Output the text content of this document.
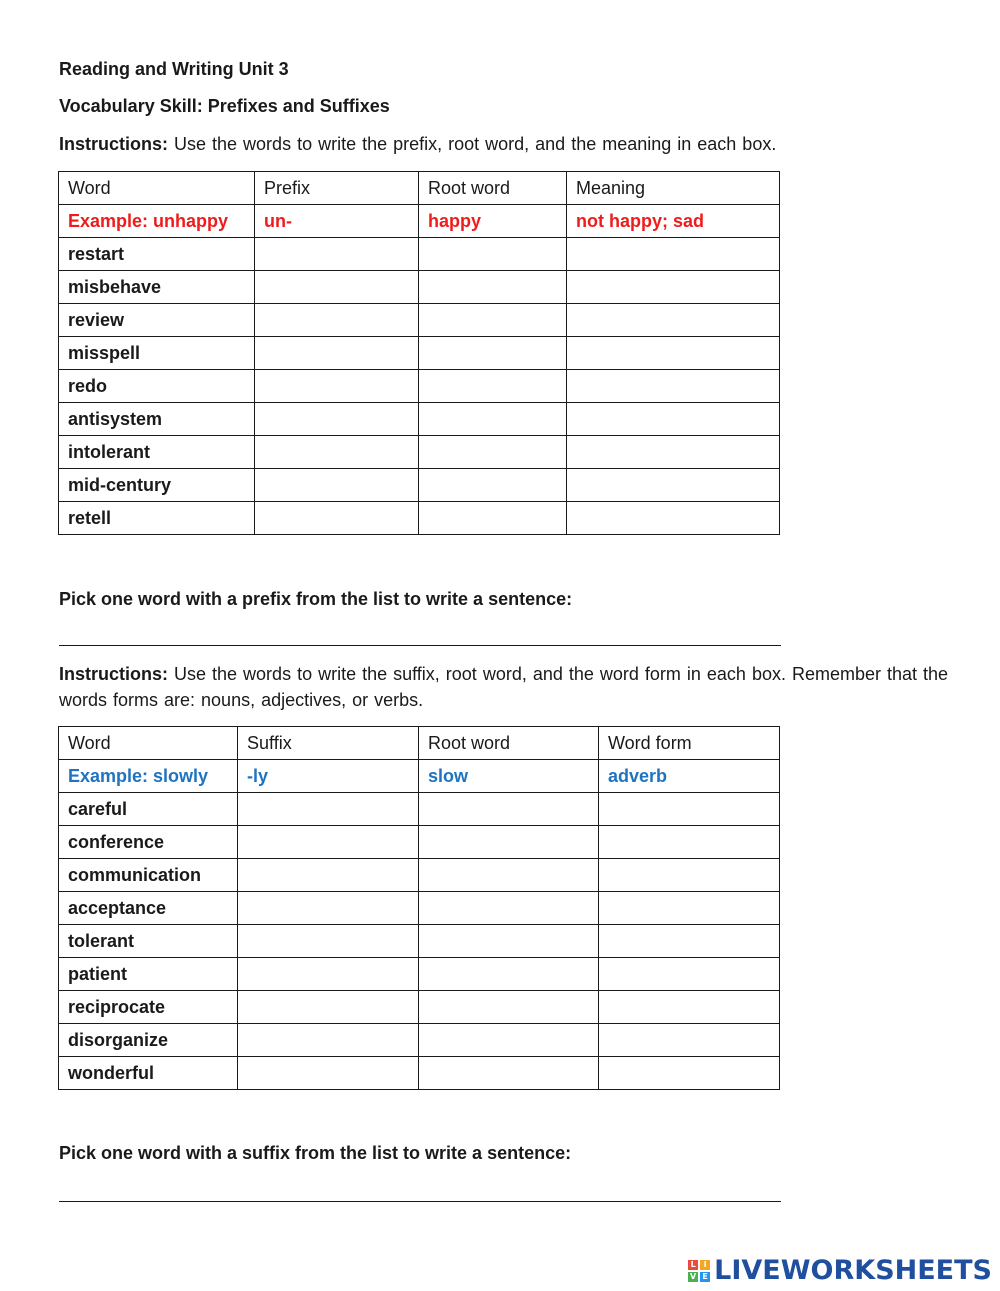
Reading and Writing Unit 3
Vocabulary Skill: Prefixes and Suffixes
Instructions: Use the words to write the prefix, root word, and the meaning in each box.
Word	Prefix	Root word	Meaning
Example: unhappy	un-	happy	not happy; sad
restart			
misbehave			
review			
misspell			
redo			
antisystem			
intolerant			
mid-century			
retell			
Pick one word with a prefix from the list to write a sentence:
Instructions: Use the words to write the suffix, root word, and the word form in each box. Remember that the words forms are: nouns, adjectives, or verbs.
Word	Suffix	Root word	Word form
Example: slowly	-ly	slow	adverb
careful			
conference			
communication			
acceptance			
tolerant			
patient			
reciprocate			
disorganize			
wonderful			
Pick one word with a suffix from the list to write a sentence:
L I
V E LIVEWORKSHEETS
